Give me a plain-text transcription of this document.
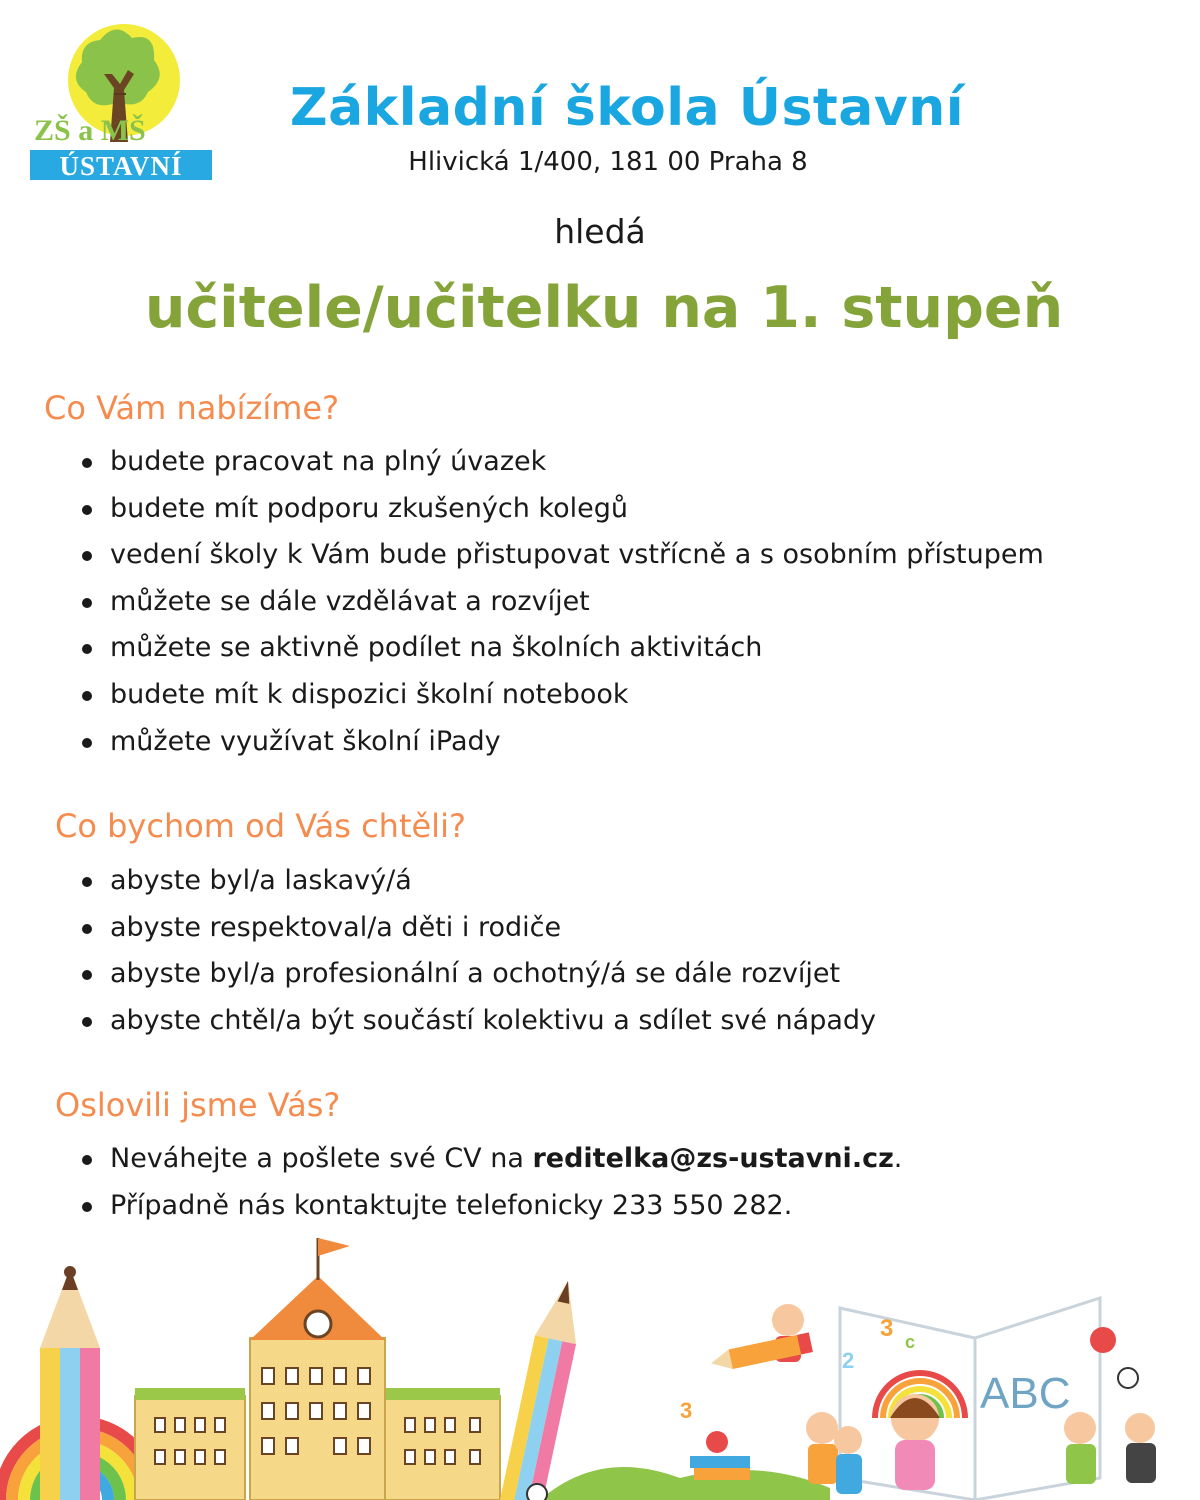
ZŠ a MŠ
ÚSTAVNÍ
Základní škola Ústavní
Hlivická 1/400, 181 00 Praha 8
hledá
učitele/učitelku na 1. stupeň
Co Vám nabízíme?
budete pracovat na plný úvazek
budete mít podporu zkušených kolegů
vedení školy k Vám bude přistupovat vstřícně a s osobním přístupem
můžete se dále vzdělávat a rozvíjet
můžete se aktivně podílet na školních aktivitách
budete mít k dispozici školní notebook
můžete využívat školní iPady
Co bychom od Vás chtěli?
abyste byl/a laskavý/á
abyste respektoval/a děti i rodiče
abyste byl/a profesionální a ochotný/á se dále rozvíjet
abyste chtěl/a být součástí kolektivu a sdílet své nápady
Oslovili jsme Vás?
Neváhejte a pošlete své CV na reditelka@zs-ustavni.cz.
Případně nás kontaktujte telefonicky 233 550 282.
ABC
3
2
3
c
